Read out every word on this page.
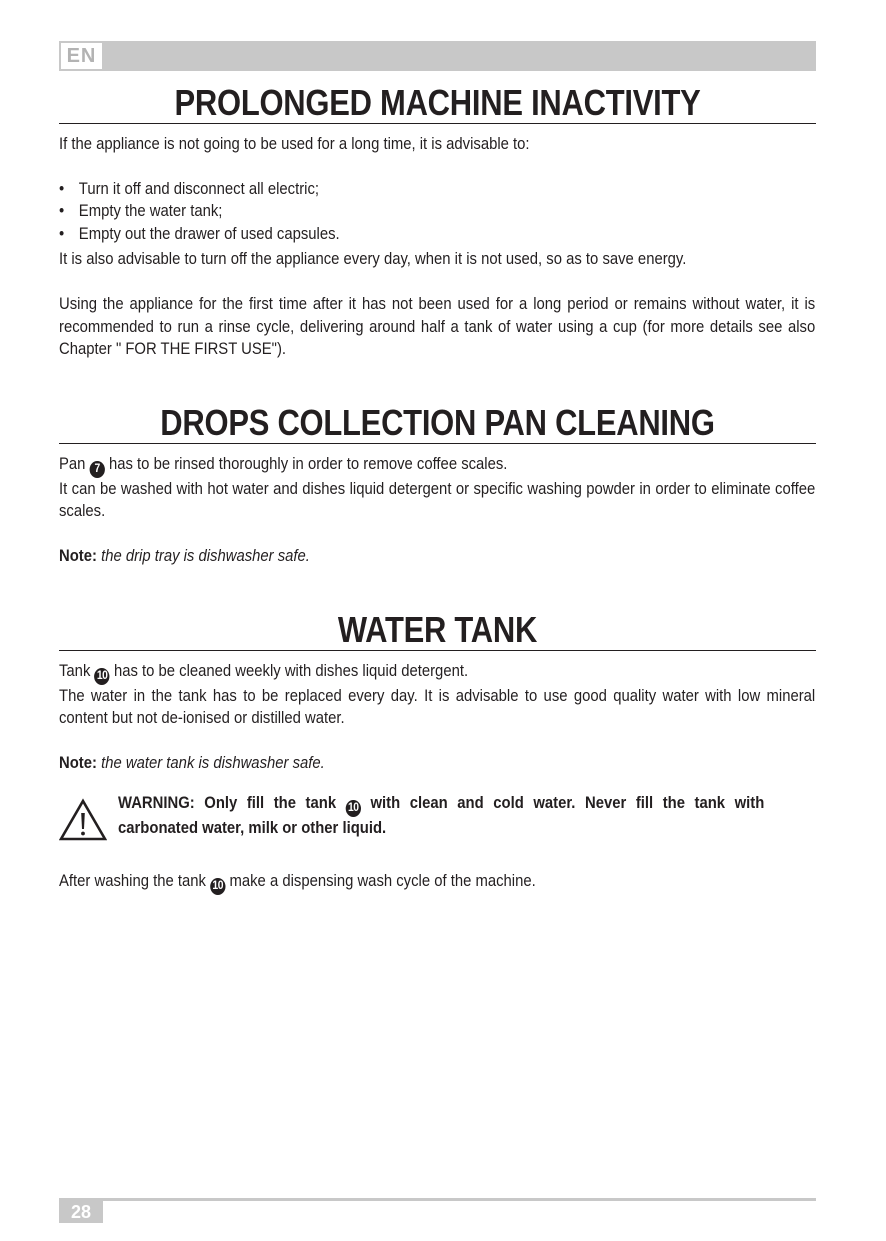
EN
PROLONGED MACHINE INACTIVITY

If the appliance is not going to be used for a long time, it is advisable to:

• Turn it off and disconnect all electric;
• Empty the water tank;
• Empty out the drawer of used capsules.

It is also advisable to turn off the appliance every day, when it is not used, so as to save energy.

Using the appliance for the first time after it has not been used for a long period or remains without water, it is recommended to run a rinse cycle, delivering around half a tank of water using a cup (for more details see also Chapter " FOR THE FIRST USE").

DROPS COLLECTION PAN CLEANING

Pan 7 has to be rinsed thoroughly in order to remove coffee scales.

It can be washed with hot water and dishes liquid detergent or specific washing powder in order to eliminate coffee scales.

Note: the drip tray is dishwasher safe.

WATER TANK

Tank 10 has to be cleaned weekly with dishes liquid detergent.

The water in the tank has to be replaced every day. It is advisable to use good quality water with low mineral content but not de-ionised or distilled water.

Note: the water tank is dishwasher safe.

WARNING: Only fill the tank 10 with clean and cold water. Never fill the tank with carbonated water, milk or other liquid.

After washing the tank 10 make a dispensing wash cycle of the machine.

28
